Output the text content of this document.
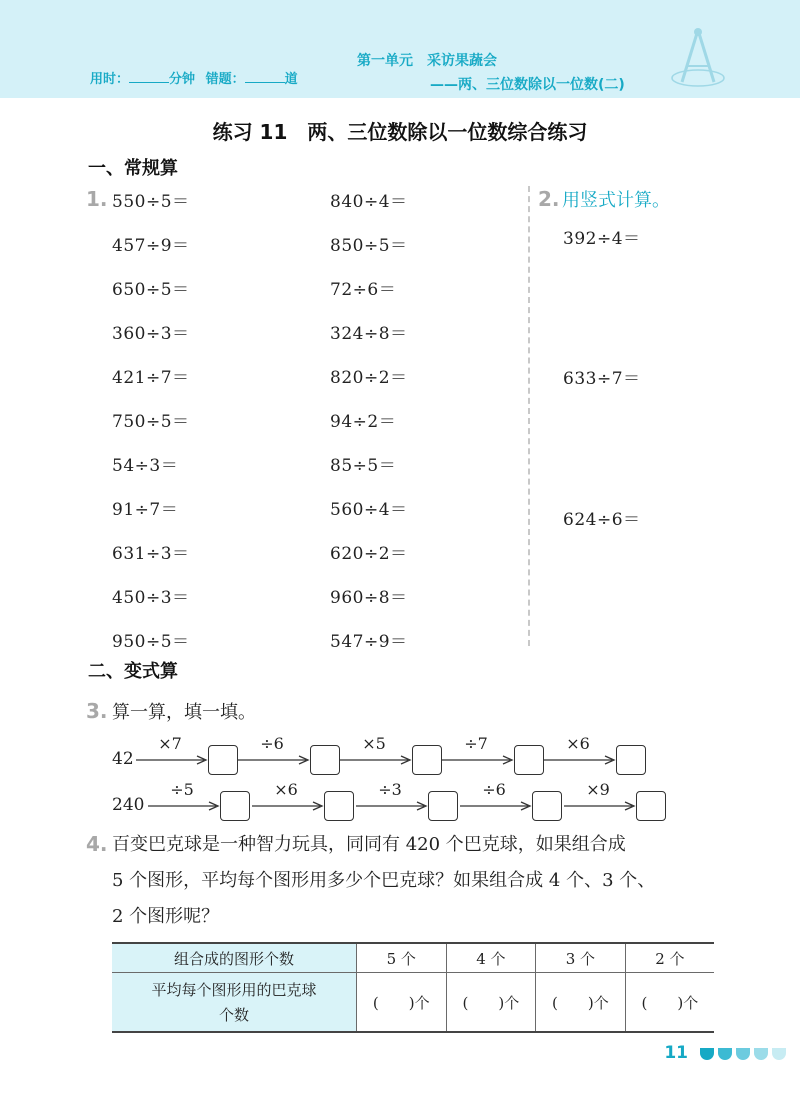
用时：	分钟 错题：	道
第一单元　采访果蔬会
——两、三位数除以一位数(二)
练习 11　两、三位数除以一位数综合练习
一、常规算
1. 550÷5＝
457÷9＝
650÷5＝
360÷3＝
421÷7＝
750÷5＝
54÷3＝
91÷7＝
631÷3＝
450÷3＝
950÷5＝
840÷4＝
850÷5＝
72÷6＝
324÷8＝
820÷2＝
94÷2＝
85÷5＝
560÷4＝
620÷2＝
960÷8＝
547÷9＝
2. 用竖式计算。
392÷4＝
633÷7＝
624÷6＝
二、变式算
3. 算一算，填一填。
42
×7	÷6	×5	÷7	×6
240
÷5	×6	÷3	÷6	×9
4. 百变巴克球是一种智力玩具，同同有 420 个巴克球，如果组合成
5 个图形，平均每个图形用多少个巴克球？如果组合成 4 个、3 个、
2 个图形呢？
组合成的图形个数	5 个	4 个	3 个	2 个

平均每个图形用的巴克球
个数	(　　)个	(　　)个	(　　)个	(　　)个
11
